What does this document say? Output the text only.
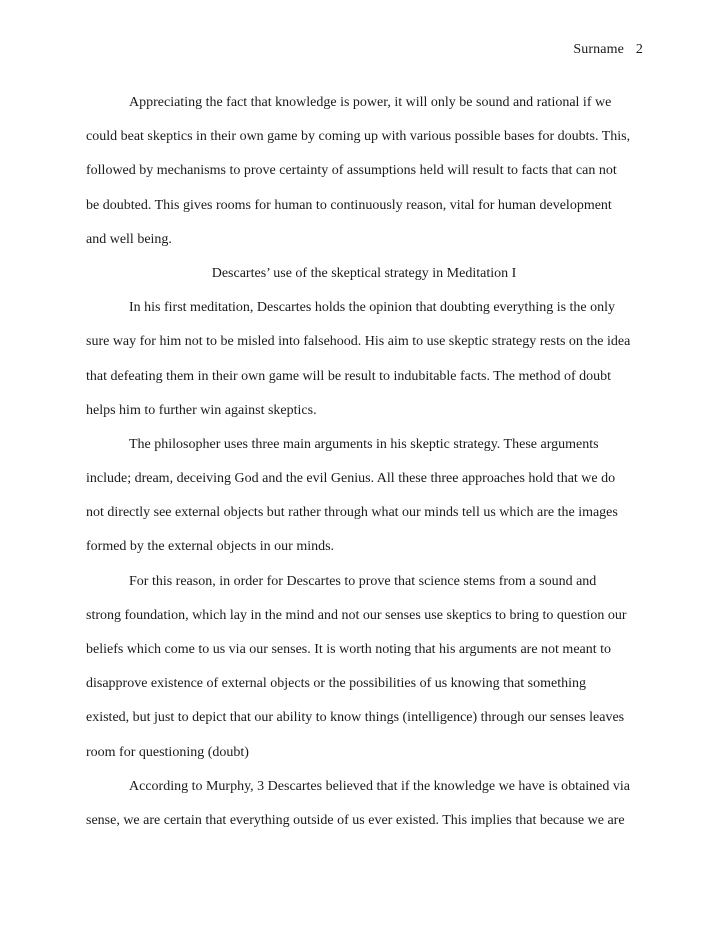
Surname 2
Appreciating the fact that knowledge is power, it will only be sound and rational if we
could beat skeptics in their own game by coming up with various possible bases for doubts. This,
followed by mechanisms to prove certainty of assumptions held will result to facts that can not
be doubted. This gives rooms for human to continuously reason, vital for human development
and well being.
Descartes’ use of the skeptical strategy in Meditation I
In his first meditation, Descartes holds the opinion that doubting everything is the only
sure way for him not to be misled into falsehood. His aim to use skeptic strategy rests on the idea
that defeating them in their own game will be result to indubitable facts. The method of doubt
helps him to further win against skeptics.
The philosopher uses three main arguments in his skeptic strategy. These arguments
include; dream, deceiving God and the evil Genius. All these three approaches hold that we do
not directly see external objects but rather through what our minds tell us which are the images
formed by the external objects in our minds.
For this reason, in order for Descartes to prove that science stems from a sound and
strong foundation, which lay in the mind and not our senses use skeptics to bring to question our
beliefs which come to us via our senses. It is worth noting that his arguments are not meant to
disapprove existence of external objects or the possibilities of us knowing that something
existed, but just to depict that our ability to know things (intelligence) through our senses leaves
room for questioning (doubt)
According to Murphy, 3 Descartes believed that if the knowledge we have is obtained via
sense, we are certain that everything outside of us ever existed. This implies that because we are
